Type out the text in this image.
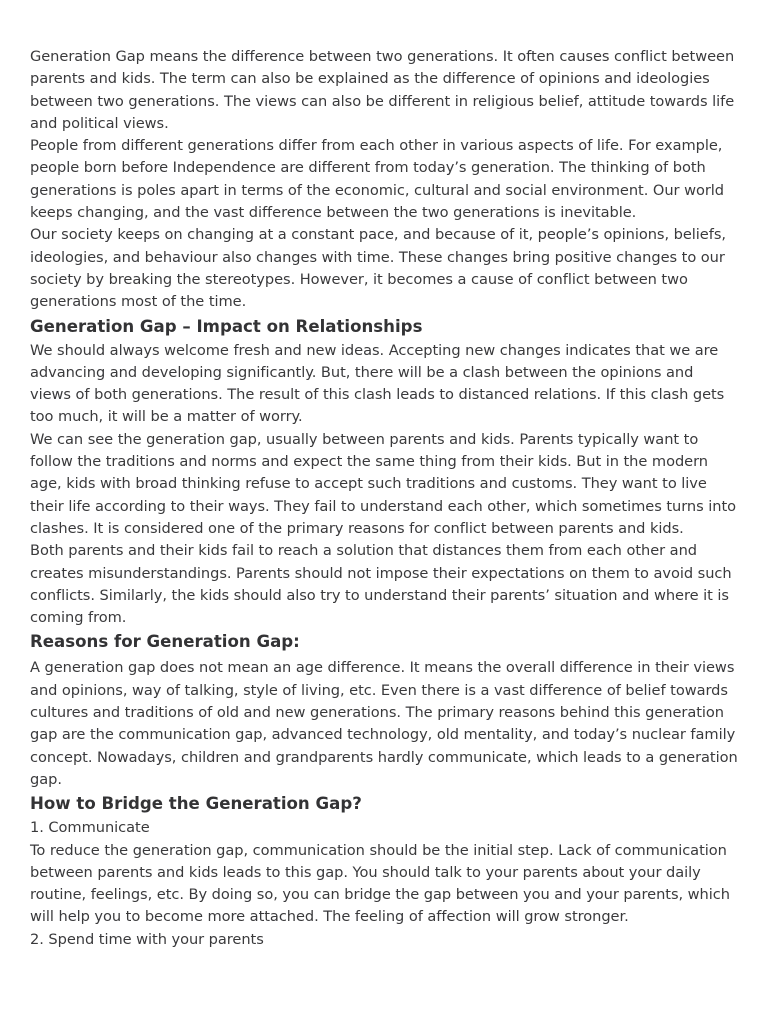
Generation Gap means the difference between two generations. It often causes conflict between parents and kids. The term can also be explained as the difference of opinions and ideologies between two generations. The views can also be different in religious belief, attitude towards life and political views.

People from different generations differ from each other in various aspects of life. For example, people born before Independence are different from today’s generation. The thinking of both generations is poles apart in terms of the economic, cultural and social environment. Our world keeps changing, and the vast difference between the two generations is inevitable.

Our society keeps on changing at a constant pace, and because of it, people’s opinions, beliefs, ideologies, and behaviour also changes with time. These changes bring positive changes to our society by breaking the stereotypes. However, it becomes a cause of conflict between two generations most of the time.

Generation Gap – Impact on Relationships

We should always welcome fresh and new ideas. Accepting new changes indicates that we are advancing and developing significantly. But, there will be a clash between the opinions and views of both generations. The result of this clash leads to distanced relations. If this clash gets too much, it will be a matter of worry.

We can see the generation gap, usually between parents and kids. Parents typically want to follow the traditions and norms and expect the same thing from their kids. But in the modern age, kids with broad thinking refuse to accept such traditions and customs. They want to live their life according to their ways. They fail to understand each other, which sometimes turns into clashes. It is considered one of the primary reasons for conflict between parents and kids.

Both parents and their kids fail to reach a solution that distances them from each other and creates misunderstandings. Parents should not impose their expectations on them to avoid such conflicts. Similarly, the kids should also try to understand their parents’ situation and where it is coming from.

Reasons for Generation Gap:

A generation gap does not mean an age difference. It means the overall difference in their views and opinions, way of talking, style of living, etc. Even there is a vast difference of belief towards cultures and traditions of old and new generations. The primary reasons behind this generation gap are the communication gap, advanced technology, old mentality, and today’s nuclear family concept. Nowadays, children and grandparents hardly communicate, which leads to a generation gap.

How to Bridge the Generation Gap?

1. Communicate

To reduce the generation gap, communication should be the initial step. Lack of communication between parents and kids leads to this gap. You should talk to your parents about your daily routine, feelings, etc. By doing so, you can bridge the gap between you and your parents, which will help you to become more attached. The feeling of affection will grow stronger.

2. Spend time with your parents
